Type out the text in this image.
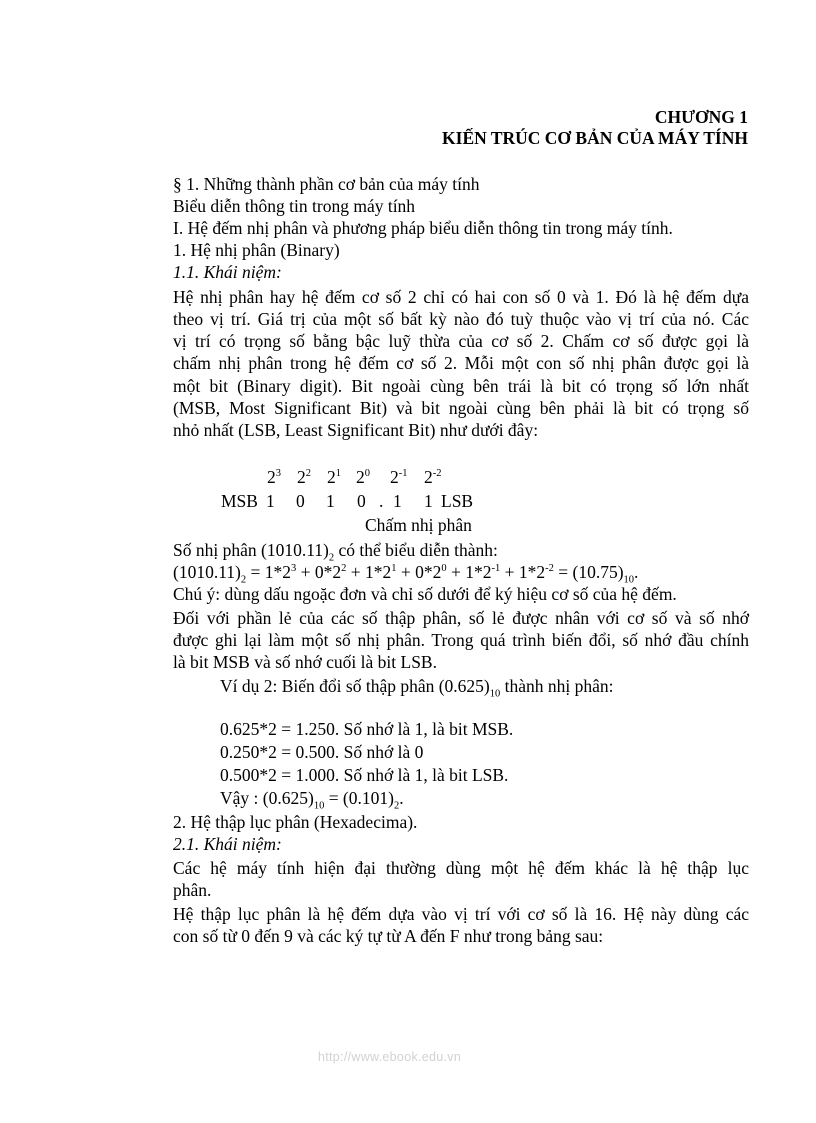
CHƯƠNG 1
KIẾN TRÚC CƠ BẢN CỦA MÁY TÍNH
§ 1. Những thành phần cơ bản của máy tính
Biểu diễn thông tin trong máy tính
I. Hệ đếm nhị phân và phương pháp biểu diễn thông tin trong máy tính.
1. Hệ nhị phân (Binary)
1.1. Khái niệm:
Hệ nhị phân hay hệ đếm cơ số 2 chỉ có hai con số 0 và 1. Đó là hệ đếm dựa
theo vị trí. Giá trị của một số bất kỳ nào đó tuỳ thuộc vào vị trí của nó. Các
vị trí có trọng số bằng bậc luỹ thừa của cơ số 2. Chấm cơ số được gọi là
chấm nhị phân trong hệ đếm cơ số 2. Mỗi một con số nhị phân được gọi là
một bit (Binary digit). Bit ngoài cùng bên trái là bit có trọng số lớn nhất
(MSB, Most Significant Bit) và bit ngoài cùng bên phải là bit có trọng số
nhỏ nhất (LSB, Least Significant Bit) như dưới đây:
$2^3$ $2^2$ $2^1$ $2^0$ $2^{-1}$ $2^{-2}$
MSB 1 0 1 0 . 1 1 LSB
Chấm nhị phân
Số nhị phân $(1010.11)_2$ có thể biểu diễn thành:
$(1010.11)_2 = 1*2^3 + 0*2^2 + 1*2^1 + 0*2^0 + 1*2^{-1} + 1*2^{-2} = (10.75)_{10}$.
Chú ý: dùng dấu ngoặc đơn và chỉ số dưới để ký hiệu cơ số của hệ đếm.
Đối với phần lẻ của các số thập phân, số lẻ được nhân với cơ số và số nhớ
được ghi lại làm một số nhị phân. Trong quá trình biến đổi, số nhớ đầu chính
là bit MSB và số nhớ cuối là bit LSB.
Ví dụ 2: Biến đổi số thập phân $(0.625)_{10}$ thành nhị phân:
0.625*2 = 1.250. Số nhớ là 1, là bit MSB.
0.250*2 = 0.500. Số nhớ là 0
0.500*2 = 1.000. Số nhớ là 1, là bit LSB.
Vậy : $(0.625)_{10} = (0.101)_2$.
2. Hệ thập lục phân (Hexadecima).
2.1. Khái niệm:
Các hệ máy tính hiện đại thường dùng một hệ đếm khác là hệ thập lục
phân.
Hệ thập lục phân là hệ đếm dựa vào vị trí với cơ số là 16. Hệ này dùng các
con số từ 0 đến 9 và các ký tự từ A đến F như trong bảng sau:
http://www.ebook.edu.vn
